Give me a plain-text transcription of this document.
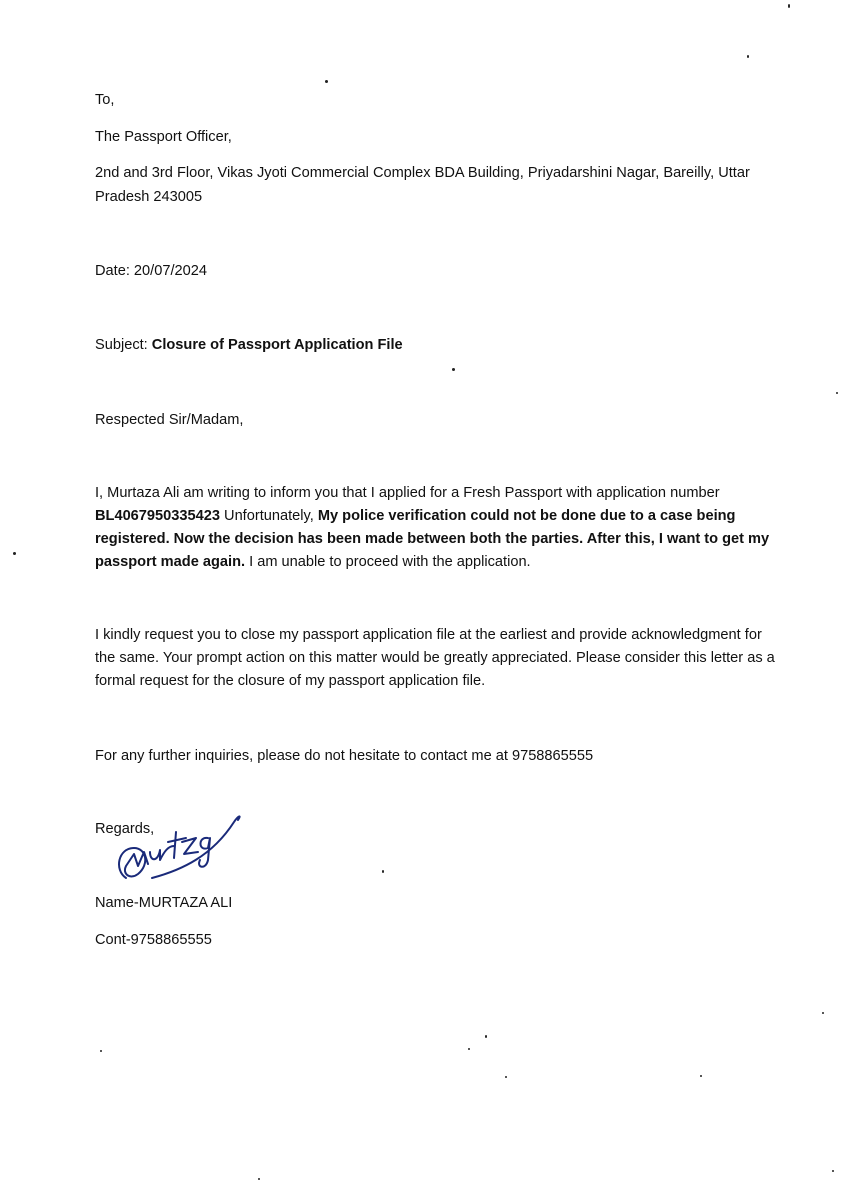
To,
The Passport Officer,
2nd and 3rd Floor, Vikas Jyoti Commercial Complex BDA Building, Priyadarshini Nagar, Bareilly, Uttar
Pradesh 243005
Date: 20/07/2024
Subject: Closure of Passport Application File
Respected Sir/Madam,
I, Murtaza Ali am writing to inform you that I applied for a Fresh Passport with application number BL4067950335423 Unfortunately, My police verification could not be done due to a case being registered. Now the decision has been made between both the parties. After this, I want to get my passport made again. I am unable to proceed with the application.
I kindly request you to close my passport application file at the earliest and provide acknowledgment for the same. Your prompt action on this matter would be greatly appreciated. Please consider this letter as a formal request for the closure of my passport application file.
For any further inquiries, please do not hesitate to contact me at 9758865555
Regards,
Name-MURTAZA ALI
Cont-9758865555
